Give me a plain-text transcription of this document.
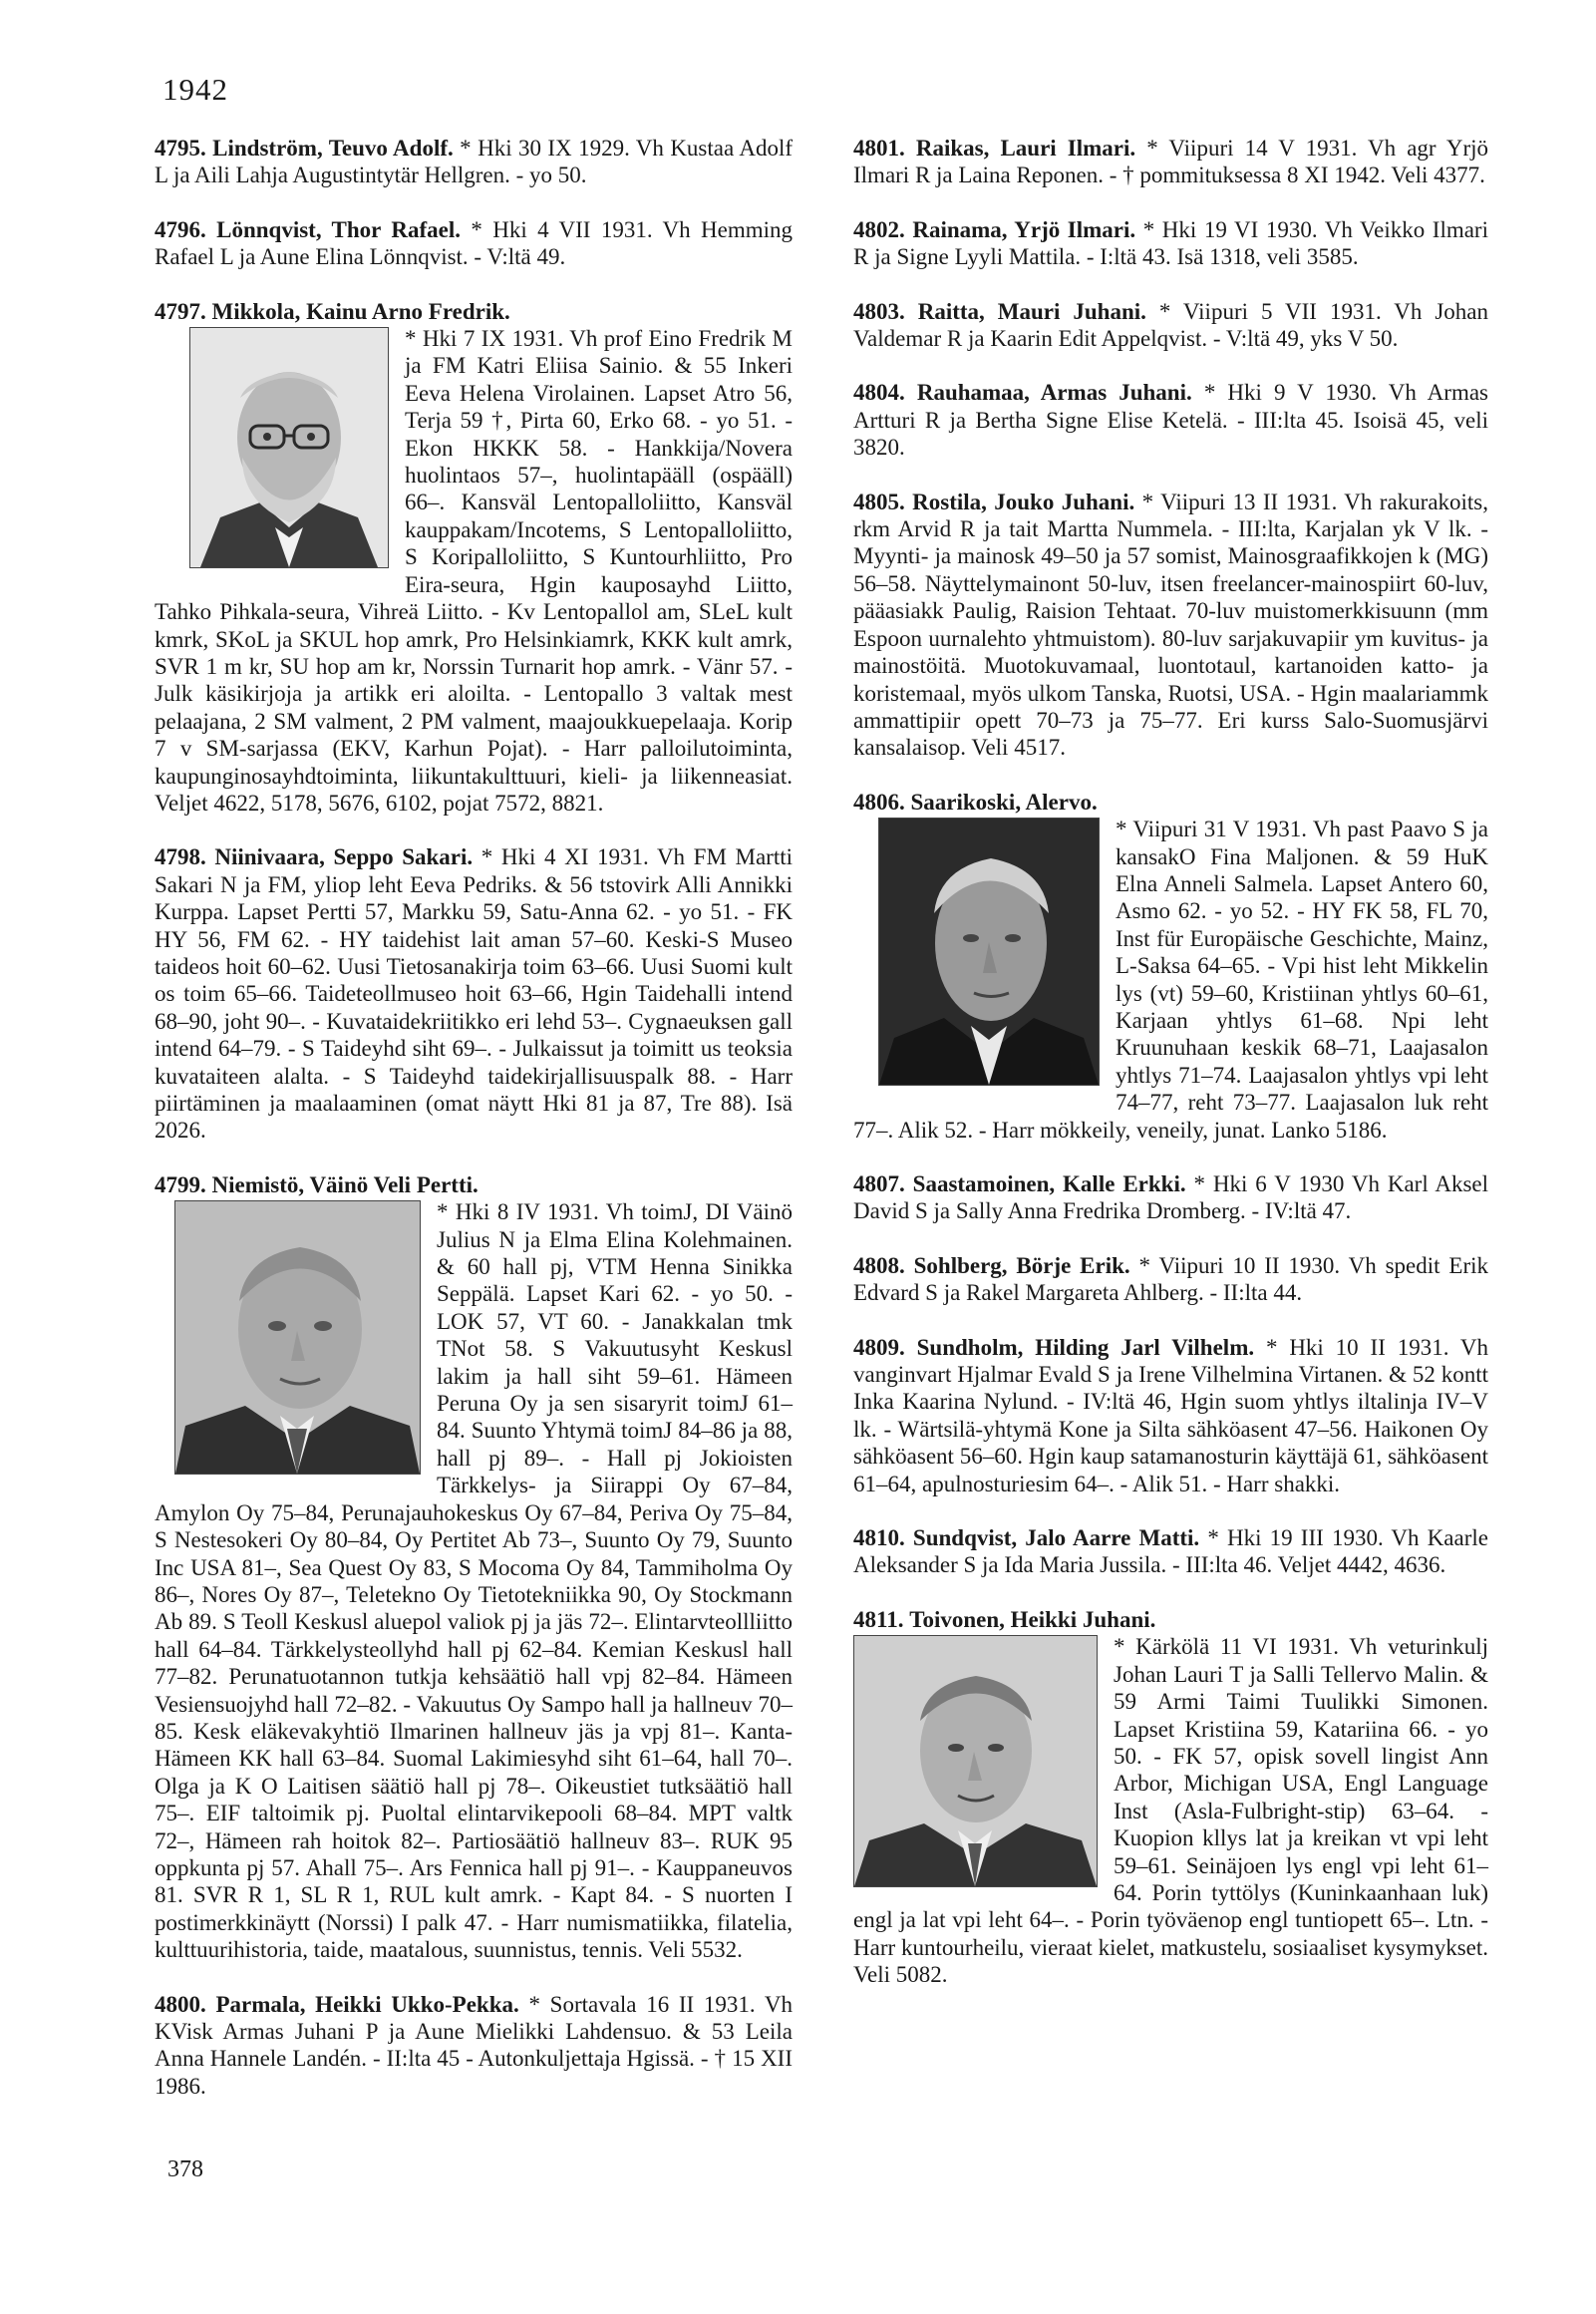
1942

4795. Lindström, Teuvo Adolf. * Hki 30 IX 1929. Vh Kustaa Adolf L ja Aili Lahja Augustintytär Hellgren. - yo 50.

4796. Lönnqvist, Thor Rafael. * Hki 4 VII 1931. Vh Hemming Rafael L ja Aune Elina Lönnqvist. - V:ltä 49.

4797. Mikkola, Kainu Arno Fredrik.

* Hki 7 IX 1931. Vh prof Eino Fredrik M ja FM Katri Eliisa Sainio. & 55 Inkeri Eeva Helena Virolainen. Lapset Atro 56, Terja 59 †, Pirta 60, Erko 68. - yo 51. - Ekon HKKK 58. - Hankkija/Novera huolintaos 57–, huolintapääll (ospääll) 66–. Kansväl Lentopalloliitto, Kansväl kauppakam/Incotems, S Lentopalloliitto, S Koripalloliitto, S Kuntourhliitto, Pro Eira-seura, Hgin kauposayhd Liitto, Tahko Pihkala-seura, Vihreä Liitto. - Kv Lentopallol am, SLeL kult kmrk, SKoL ja SKUL hop amrk, Pro Helsinkiamrk, KKK kult amrk, SVR 1 m kr, SU hop am kr, Norssin Turnarit hop amrk. - Vänr 57. - Julk käsikirjoja ja artikk eri aloilta. - Lentopallo 3 valtak mest pelaajana, 2 SM valment, 2 PM valment, maajoukkuepelaaja. Korip 7 v SM-sarjassa (EKV, Karhun Pojat). - Harr palloilutoiminta, kaupunginosayhdtoiminta, liikuntakulttuuri, kieli- ja liikenneasiat. Veljet 4622, 5178, 5676, 6102, pojat 7572, 8821.

4798. Niinivaara, Seppo Sakari. * Hki 4 XI 1931. Vh FM Martti Sakari N ja FM, yliop leht Eeva Pedriks. & 56 tstovirk Alli Annikki Kurppa. Lapset Pertti 57, Markku 59, Satu-Anna 62. - yo 51. - FK HY 56, FM 62. - HY taidehist lait aman 57–60. Keski-S Museo taideos hoit 60–62. Uusi Tietosanakirja toim 63–66. Uusi Suomi kult os toim 65–66. Taideteollmuseo hoit 63–66, Hgin Taidehalli intend 68–90, joht 90–. - Kuvataidekriitikko eri lehd 53–. Cygnaeuksen gall intend 64–79. - S Taideyhd siht 69–. - Julkaissut ja toimitt us teoksia kuvataiteen alalta. - S Taideyhd taidekirjallisuuspalk 88. - Harr piirtäminen ja maalaaminen (omat näytt Hki 81 ja 87, Tre 88). Isä 2026.

4799. Niemistö, Väinö Veli Pertti.

* Hki 8 IV 1931. Vh toimJ, DI Väinö Julius N ja Elma Elina Kolehmainen. & 60 hall pj, VTM Henna Sinikka Seppälä. Lapset Kari 62. - yo 50. - LOK 57, VT 60. - Janakkalan tmk TNot 58. S Vakuutusyht Keskusl lakim ja hall siht 59–61. Hämeen Peruna Oy ja sen sisaryrit toimJ 61–84. Suunto Yhtymä toimJ 84–86 ja 88, hall pj 89–. - Hall pj Jokioisten Tärkkelys- ja Siirappi Oy 67–84, Amylon Oy 75–84, Perunajauhokeskus Oy 67–84, Periva Oy 75–84, S Nestesokeri Oy 80–84, Oy Pertitet Ab 73–, Suunto Oy 79, Suunto Inc USA 81–, Sea Quest Oy 83, S Mocoma Oy 84, Tammiholma Oy 86–, Nores Oy 87–, Teletekno Oy Tietotekniikka 90, Oy Stockmann Ab 89. S Teoll Keskusl aluepol valiok pj ja jäs 72–. Elintarvteollliitto hall 64–84. Tärkkelysteollyhd hall pj 62–84. Kemian Keskusl hall 77–82. Perunatuotannon tutkja kehsäätiö hall vpj 82–84. Hämeen Vesiensuojyhd hall 72–82. - Vakuutus Oy Sampo hall ja hallneuv 70–85. Kesk eläkevakyhtiö Ilmarinen hallneuv jäs ja vpj 81–. Kanta-Hämeen KK hall 63–84. Suomal Lakimiesyhd siht 61–64, hall 70–. Olga ja K O Laitisen säätiö hall pj 78–. Oikeustiet tutksäätiö hall 75–. EIF taltoimik pj. Puoltal elintarvikepooli 68–84. MPT valtk 72–, Hämeen rah hoitok 82–. Partiosäätiö hallneuv 83–. RUK 95 oppkunta pj 57. Ahall 75–. Ars Fennica hall pj 91–. - Kauppaneuvos 81. SVR R 1, SL R 1, RUL kult amrk. - Kapt 84. - S nuorten I postimerkkinäytt (Norssi) I palk 47. - Harr numismatiikka, filatelia, kulttuurihistoria, taide, maatalous, suunnistus, tennis. Veli 5532.

4800. Parmala, Heikki Ukko-Pekka. * Sortavala 16 II 1931. Vh KVisk Armas Juhani P ja Aune Mielikki Lahdensuo. & 53 Leila Anna Hannele Landén. - II:lta 45 - Autonkuljettaja Hgissä. - † 15 XII 1986.

4801. Raikas, Lauri Ilmari. * Viipuri 14 V 1931. Vh agr Yrjö Ilmari R ja Laina Reponen. - † pommituksessa 8 XI 1942. Veli 4377.

4802. Rainama, Yrjö Ilmari. * Hki 19 VI 1930. Vh Veikko Ilmari R ja Signe Lyyli Mattila. - I:ltä 43. Isä 1318, veli 3585.

4803. Raitta, Mauri Juhani. * Viipuri 5 VII 1931. Vh Johan Valdemar R ja Kaarin Edit Appelqvist. - V:ltä 49, yks V 50.

4804. Rauhamaa, Armas Juhani. * Hki 9 V 1930. Vh Armas Artturi R ja Bertha Signe Elise Ketelä. - III:lta 45. Isoisä 45, veli 3820.

4805. Rostila, Jouko Juhani. * Viipuri 13 II 1931. Vh rakurakoits, rkm Arvid R ja tait Martta Nummela. - III:lta, Karjalan yk V lk. - Myynti- ja mainosk 49–50 ja 57 somist, Mainosgraafikkojen k (MG) 56–58. Näyttelymainont 50-luv, itsen freelancer-mainospiirt 60-luv, pääasiakk Paulig, Raision Tehtaat. 70-luv muistomerkkisuunn (mm Espoon uurnalehto yhtmuistom). 80-luv sarjakuvapiir ym kuvitus- ja mainostöitä. Muotokuvamaal, luontotaul, kartanoiden katto- ja koristemaal, myös ulkom Tanska, Ruotsi, USA. - Hgin maalariammk ammattipiir opett 70–73 ja 75–77. Eri kurss Salo-Suomusjärvi kansalaisop. Veli 4517.

4806. Saarikoski, Alervo.

* Viipuri 31 V 1931. Vh past Paavo S ja kansakO Fina Maljonen. & 59 HuK Elna Anneli Salmela. Lapset Antero 60, Asmo 62. - yo 52. - HY FK 58, FL 70, Inst für Europäische Geschichte, Mainz, L-Saksa 64–65. - Vpi hist leht Mikkelin lys (vt) 59–60, Kristiinan yhtlys 60–61, Karjaan yhtlys 61–68. Npi leht Kruunuhaan keskik 68–71, Laajasalon yhtlys 71–74. Laajasalon yhtlys vpi leht 74–77, reht 73–77. Laajasalon luk reht 77–. Alik 52. - Harr mökkeily, veneily, junat. Lanko 5186.

4807. Saastamoinen, Kalle Erkki. * Hki 6 V 1930 Vh Karl Aksel David S ja Sally Anna Fredrika Dromberg. - IV:ltä 47.

4808. Sohlberg, Börje Erik. * Viipuri 10 II 1930. Vh spedit Erik Edvard S ja Rakel Margareta Ahlberg. - II:lta 44.

4809. Sundholm, Hilding Jarl Vilhelm. * Hki 10 II 1931. Vh vanginvart Hjalmar Evald S ja Irene Vilhelmina Virtanen. & 52 kontt Inka Kaarina Nylund. - IV:ltä 46, Hgin suom yhtlys iltalinja IV–V lk. - Wärtsilä-yhtymä Kone ja Silta sähköasent 47–56. Haikonen Oy sähköasent 56–60. Hgin kaup satamanosturin käyttäjä 61, sähköasent 61–64, apulnosturiesim 64–. - Alik 51. - Harr shakki.

4810. Sundqvist, Jalo Aarre Matti. * Hki 19 III 1930. Vh Kaarle Aleksander S ja Ida Maria Jussila. - III:lta 46. Veljet 4442, 4636.

4811. Toivonen, Heikki Juhani.

* Kärkölä 11 VI 1931. Vh veturinkulj Johan Lauri T ja Salli Tellervo Malin. & 59 Armi Taimi Tuulikki Simonen. Lapset Kristiina 59, Katariina 66. - yo 50. - FK 57, opisk sovell lingist Ann Arbor, Michigan USA, Engl Language Inst (Asla-Fulbright-stip) 63–64. - Kuopion kllys lat ja kreikan vt vpi leht 59–61. Seinäjoen lys engl vpi leht 61–64. Porin tyttölys (Kuninkaanhaan luk) engl ja lat vpi leht 64–. - Porin työväenop engl tuntiopett 65–. Ltn. - Harr kuntourheilu, vieraat kielet, matkustelu, sosiaaliset kysymykset. Veli 5082.

378
